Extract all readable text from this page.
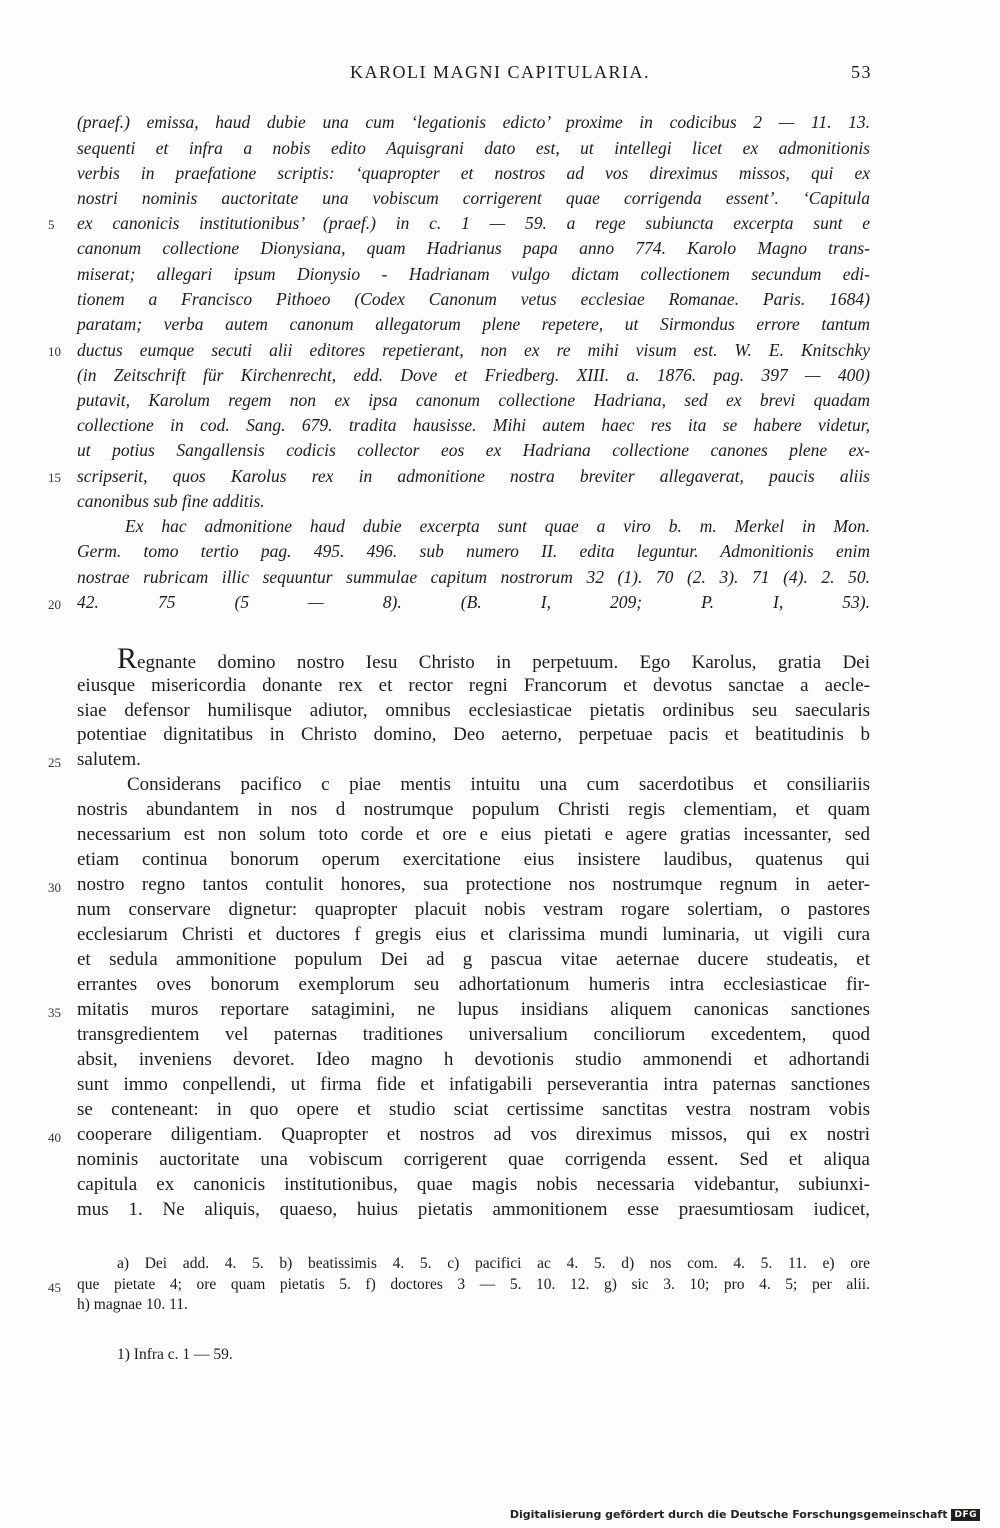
KAROLI MAGNI CAPITULARIA.	53
(praef.) emissa, haud dubie una cum ‘legationis edicto’ proxime in codicibus 2 — 11. 13.
sequenti et infra a nobis edito Aquisgrani dato est, ut intellegi licet ex admonitionis
verbis in praefatione scriptis: ‘quapropter et nostros ad vos direximus missos, qui ex
nostri nominis auctoritate una vobiscum corrigerent quae corrigenda essent’. ‘Capitula
ex canonicis institutionibus’ (praef.) in c. 1 — 59. a rege subiuncta excerpta sunt e
canonum collectione Dionysiana, quam Hadrianus papa anno 774. Karolo Magno trans-
miserat; allegari ipsum Dionysio - Hadrianam vulgo dictam collectionem secundum edi-
tionem a Francisco Pithoeo (Codex Canonum vetus ecclesiae Romanae. Paris. 1684)
paratam; verba autem canonum allegatorum plene repetere, ut Sirmondus errore tantum
ductus eumque secuti alii editores repetierant, non ex re mihi visum est. W. E. Knitschky
(in Zeitschrift für Kirchenrecht, edd. Dove et Friedberg. XIII. a. 1876. pag. 397 — 400)
putavit, Karolum regem non ex ipsa canonum collectione Hadriana, sed ex brevi quadam
collectione in cod. Sang. 679. tradita hausisse. Mihi autem haec res ita se habere videtur,
ut potius Sangallensis codicis collector eos ex Hadriana collectione canones plene ex-
scripserit, quos Karolus rex in admonitione nostra breviter allegaverat, paucis aliis
canonibus sub fine additis.
Ex hac admonitione haud dubie excerpta sunt quae a viro b. m. Merkel in Mon.
Germ. tomo tertio pag. 495. 496. sub numero II. edita leguntur. Admonitionis enim
nostrae rubricam illic sequuntur summulae capitum nostrorum 32 (1). 70 (2. 3). 71 (4). 2. 50.
42. 75 (5 — 8). (B. I, 209; P. I, 53).
Regnante domino nostro Iesu Christo in perpetuum. Ego Karolus, gratia Dei
eiusque misericordia donante rex et rector regni Francorum et devotus sanctae a aecle-
siae defensor humilisque adiutor, omnibus ecclesiasticae pietatis ordinibus seu saecularis
potentiae dignitatibus in Christo domino, Deo aeterno, perpetuae pacis et beatitudinis b
salutem.
Considerans pacifico c piae mentis intuitu una cum sacerdotibus et consiliariis
nostris abundantem in nos d nostrumque populum Christi regis clementiam, et quam
necessarium est non solum toto corde et ore e eius pietati e agere gratias incessanter, sed
etiam continua bonorum operum exercitatione eius insistere laudibus, quatenus qui
nostro regno tantos contulit honores, sua protectione nos nostrumque regnum in aeter-
num conservare dignetur: quapropter placuit nobis vestram rogare solertiam, o pastores
ecclesiarum Christi et ductores f gregis eius et clarissima mundi luminaria, ut vigili cura
et sedula ammonitione populum Dei ad g pascua vitae aeternae ducere studeatis, et
errantes oves bonorum exemplorum seu adhortationum humeris intra ecclesiasticae fir-
mitatis muros reportare satagimini, ne lupus insidians aliquem canonicas sanctiones
transgredientem vel paternas traditiones universalium conciliorum excedentem, quod
absit, inveniens devoret. Ideo magno h devotionis studio ammonendi et adhortandi
sunt immo conpellendi, ut firma fide et infatigabili perseverantia intra paternas sanctiones
se conteneant: in quo opere et studio sciat certissime sanctitas vestra nostram vobis
cooperare diligentiam. Quapropter et nostros ad vos direximus missos, qui ex nostri
nominis auctoritate una vobiscum corrigerent quae corrigenda essent. Sed et aliqua
capitula ex canonicis institutionibus, quae magis nobis necessaria videbantur, subiunxi-
mus 1. Ne aliquis, quaeso, huius pietatis ammonitionem esse praesumtiosam iudicet,
a) Dei add. 4. 5. b) beatissimis 4. 5. c) pacifici ac 4. 5. d) nos com. 4. 5. 11. e) ore
que pietate 4; ore quam pietatis 5. f) doctores 3 — 5. 10. 12. g) sic 3. 10; pro 4. 5; per alii.
h) magnae 10. 11.
1) Infra c. 1 — 59.
5
10
15
20
25
30
35
40
45
Digitalisierung gefördert durch die Deutsche Forschungsgemeinschaft DFG
